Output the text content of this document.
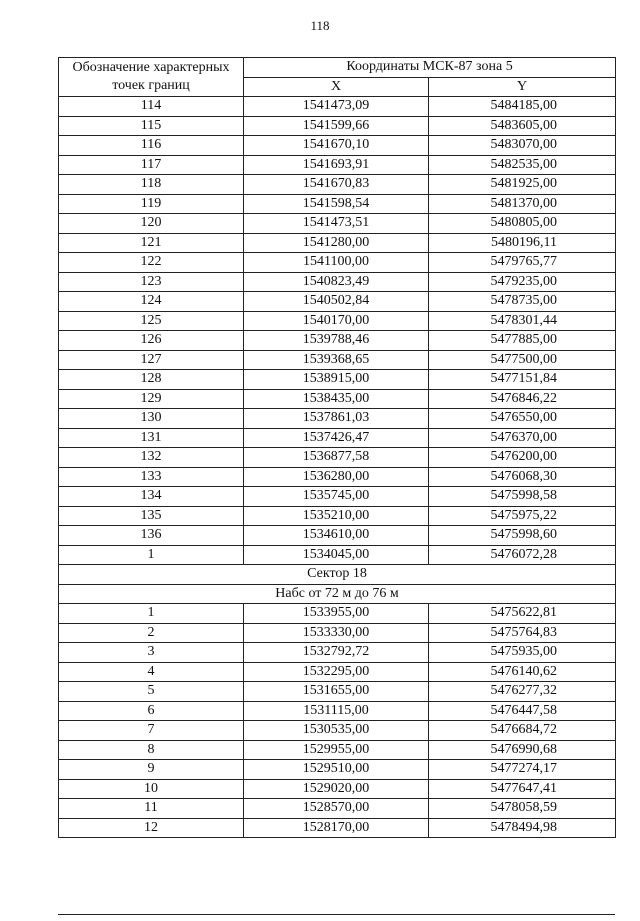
118
Обозначение характерных точек границ	Координаты МСК-87 зона 5	
	X	Y
114	1541473,09	5484185,00
115	1541599,66	5483605,00
116	1541670,10	5483070,00
117	1541693,91	5482535,00
118	1541670,83	5481925,00
119	1541598,54	5481370,00
120	1541473,51	5480805,00
121	1541280,00	5480196,11
122	1541100,00	5479765,77
123	1540823,49	5479235,00
124	1540502,84	5478735,00
125	1540170,00	5478301,44
126	1539788,46	5477885,00
127	1539368,65	5477500,00
128	1538915,00	5477151,84
129	1538435,00	5476846,22
130	1537861,03	5476550,00
131	1537426,47	5476370,00
132	1536877,58	5476200,00
133	1536280,00	5476068,30
134	1535745,00	5475998,58
135	1535210,00	5475975,22
136	1534610,00	5475998,60
1	1534045,00	5476072,28
Сектор 18		
Набс от 72 м до 76 м		
1	1533955,00	5475622,81
2	1533330,00	5475764,83
3	1532792,72	5475935,00
4	1532295,00	5476140,62
5	1531655,00	5476277,32
6	1531115,00	5476447,58
7	1530535,00	5476684,72
8	1529955,00	5476990,68
9	1529510,00	5477274,17
10	1529020,00	5477647,41
11	1528570,00	5478058,59
12	1528170,00	5478494,98
